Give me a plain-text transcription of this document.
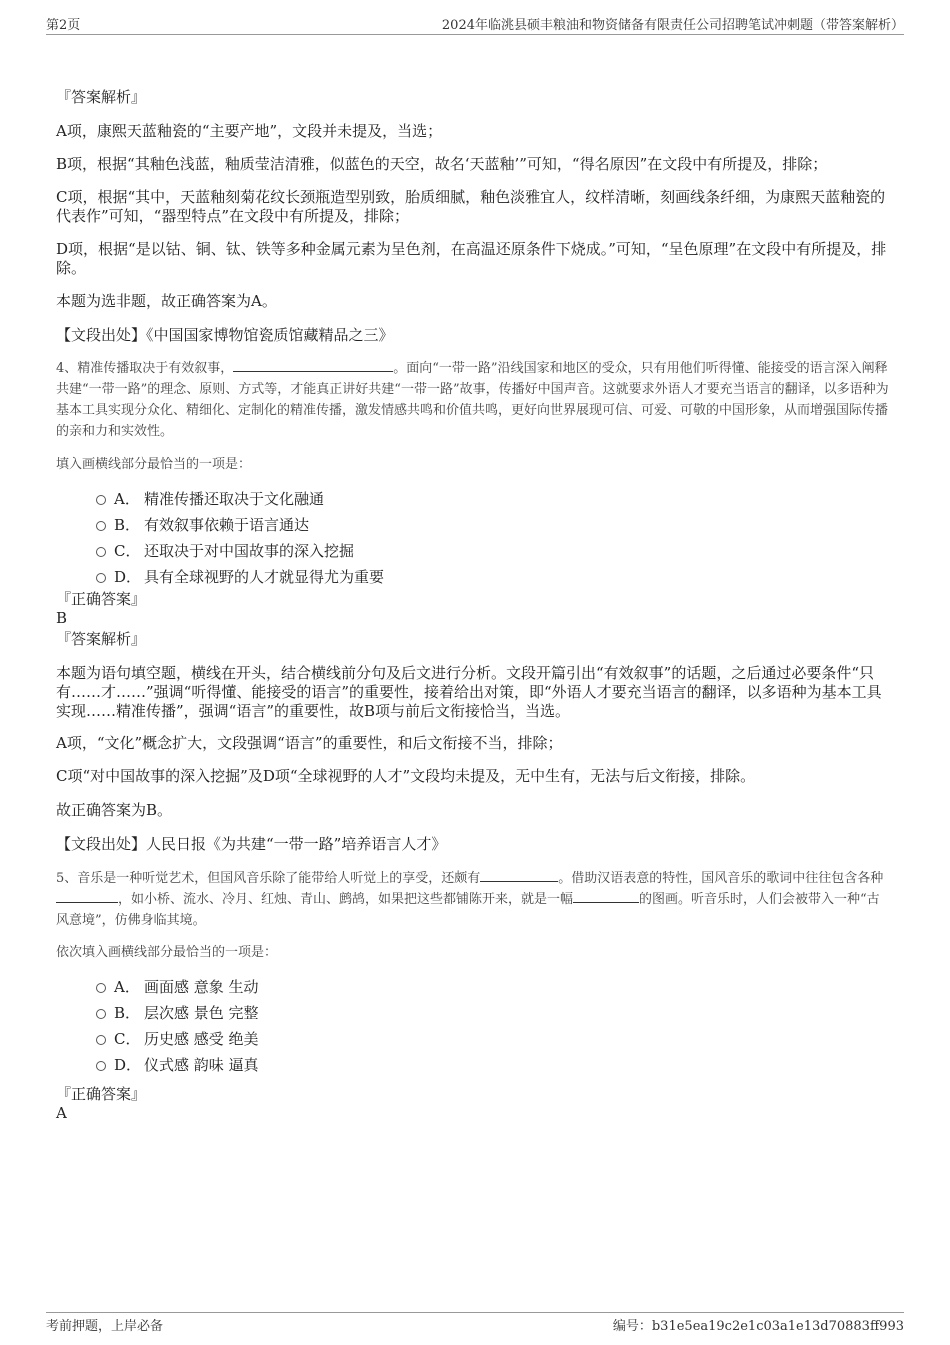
第2页	2024年临洮县硕丰粮油和物资储备有限责任公司招聘笔试冲刺题（带答案解析）
『答案解析』
A项，康熙天蓝釉瓷的“主要产地”，文段并未提及，当选；
B项，根据“其釉色浅蓝，釉质莹洁清雅，似蓝色的天空，故名‘天蓝釉’”可知，“得名原因”在文段中有所提及，排除；
C项，根据“其中，天蓝釉刻菊花纹长颈瓶造型别致，胎质细腻，釉色淡雅宜人，纹样清晰，刻画线条纤细，为康熙天蓝釉瓷的代表作”可知，“器型特点”在文段中有所提及，排除；
D项，根据“是以钴、铜、钛、铁等多种金属元素为呈色剂，在高温还原条件下烧成。”可知，“呈色原理”在文段中有所提及，排除。
本题为选非题，故正确答案为A。
【文段出处】《中国国家博物馆瓷质馆藏精品之三》
4、精准传播取决于有效叙事，	。面向“一带一路”沿线国家和地区的受众，只有用他们听得懂、能接受的语言深入阐释共建“一带一路”的理念、原则、方式等，才能真正讲好共建“一带一路”故事，传播好中国声音。这就要求外语人才要充当语言的翻译，以多语种为基本工具实现分众化、精细化、定制化的精准传播，激发情感共鸣和价值共鸣，更好向世界展现可信、可爱、可敬的中国形象，从而增强国际传播的亲和力和实效性。
填入画横线部分最恰当的一项是：
A． 精准传播还取决于文化融通
B． 有效叙事依赖于语言通达
C． 还取决于对中国故事的深入挖掘
D． 具有全球视野的人才就显得尤为重要
『正确答案』
B
『答案解析』
本题为语句填空题，横线在开头，结合横线前分句及后文进行分析。文段开篇引出“有效叙事”的话题，之后通过必要条件“只有……才……”强调“听得懂、能接受的语言”的重要性，接着给出对策，即“外语人才要充当语言的翻译，以多语种为基本工具实现……精准传播”，强调“语言”的重要性，故B项与前后文衔接恰当，当选。
A项，“文化”概念扩大，文段强调“语言”的重要性，和后文衔接不当，排除；
C项“对中国故事的深入挖掘”及D项“全球视野的人才”文段均未提及，无中生有，无法与后文衔接，排除。
故正确答案为B。
【文段出处】人民日报《为共建“一带一路”培养语言人才》
5、音乐是一种听觉艺术，但国风音乐除了能带给人听觉上的享受，还颇有	。借助汉语表意的特性，国风音乐的歌词中往往包含各种，如小桥、流水、冷月、红烛、青山、鹧鸪，如果把这些都铺陈开来，就是一幅	的图画。听音乐时，人们会被带入一种“古风意境”，仿佛身临其境。
依次填入画横线部分最恰当的一项是：
A． 画面感 意象 生动
B． 层次感 景色 完整
C． 历史感 感受 绝美
D． 仪式感 韵味 逼真
『正确答案』
A
考前押题，上岸必备	编号：b31e5ea19c2e1c03a1e13d70883ff993
